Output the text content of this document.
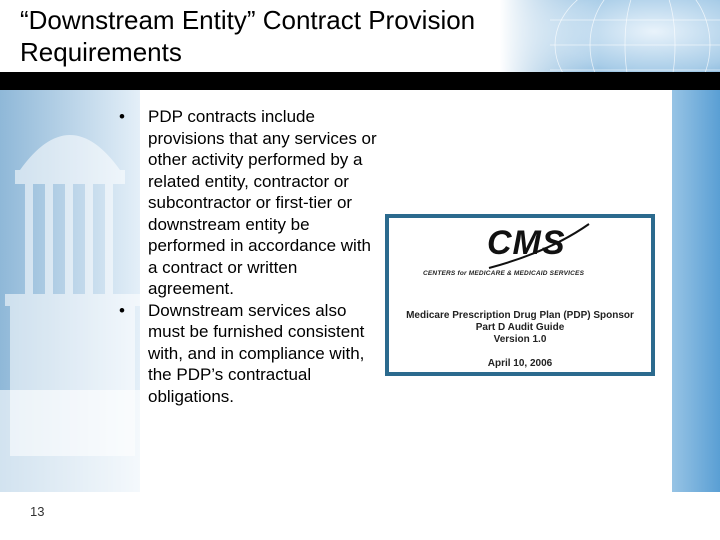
“Downstream Entity” Contract Provision Requirements
• PDP contracts include provisions that any services or other activity performed by a related entity, contractor or subcontractor or first-tier or downstream entity be performed in accordance with a contract or written agreement.
• Downstream services also must be furnished consistent with, and in compliance with, the PDP’s contractual obligations.
CMS
CENTERS for MEDICARE & MEDICAID SERVICES
Medicare Prescription Drug Plan (PDP) Sponsor
Part D Audit Guide
Version 1.0
April 10, 2006
13
